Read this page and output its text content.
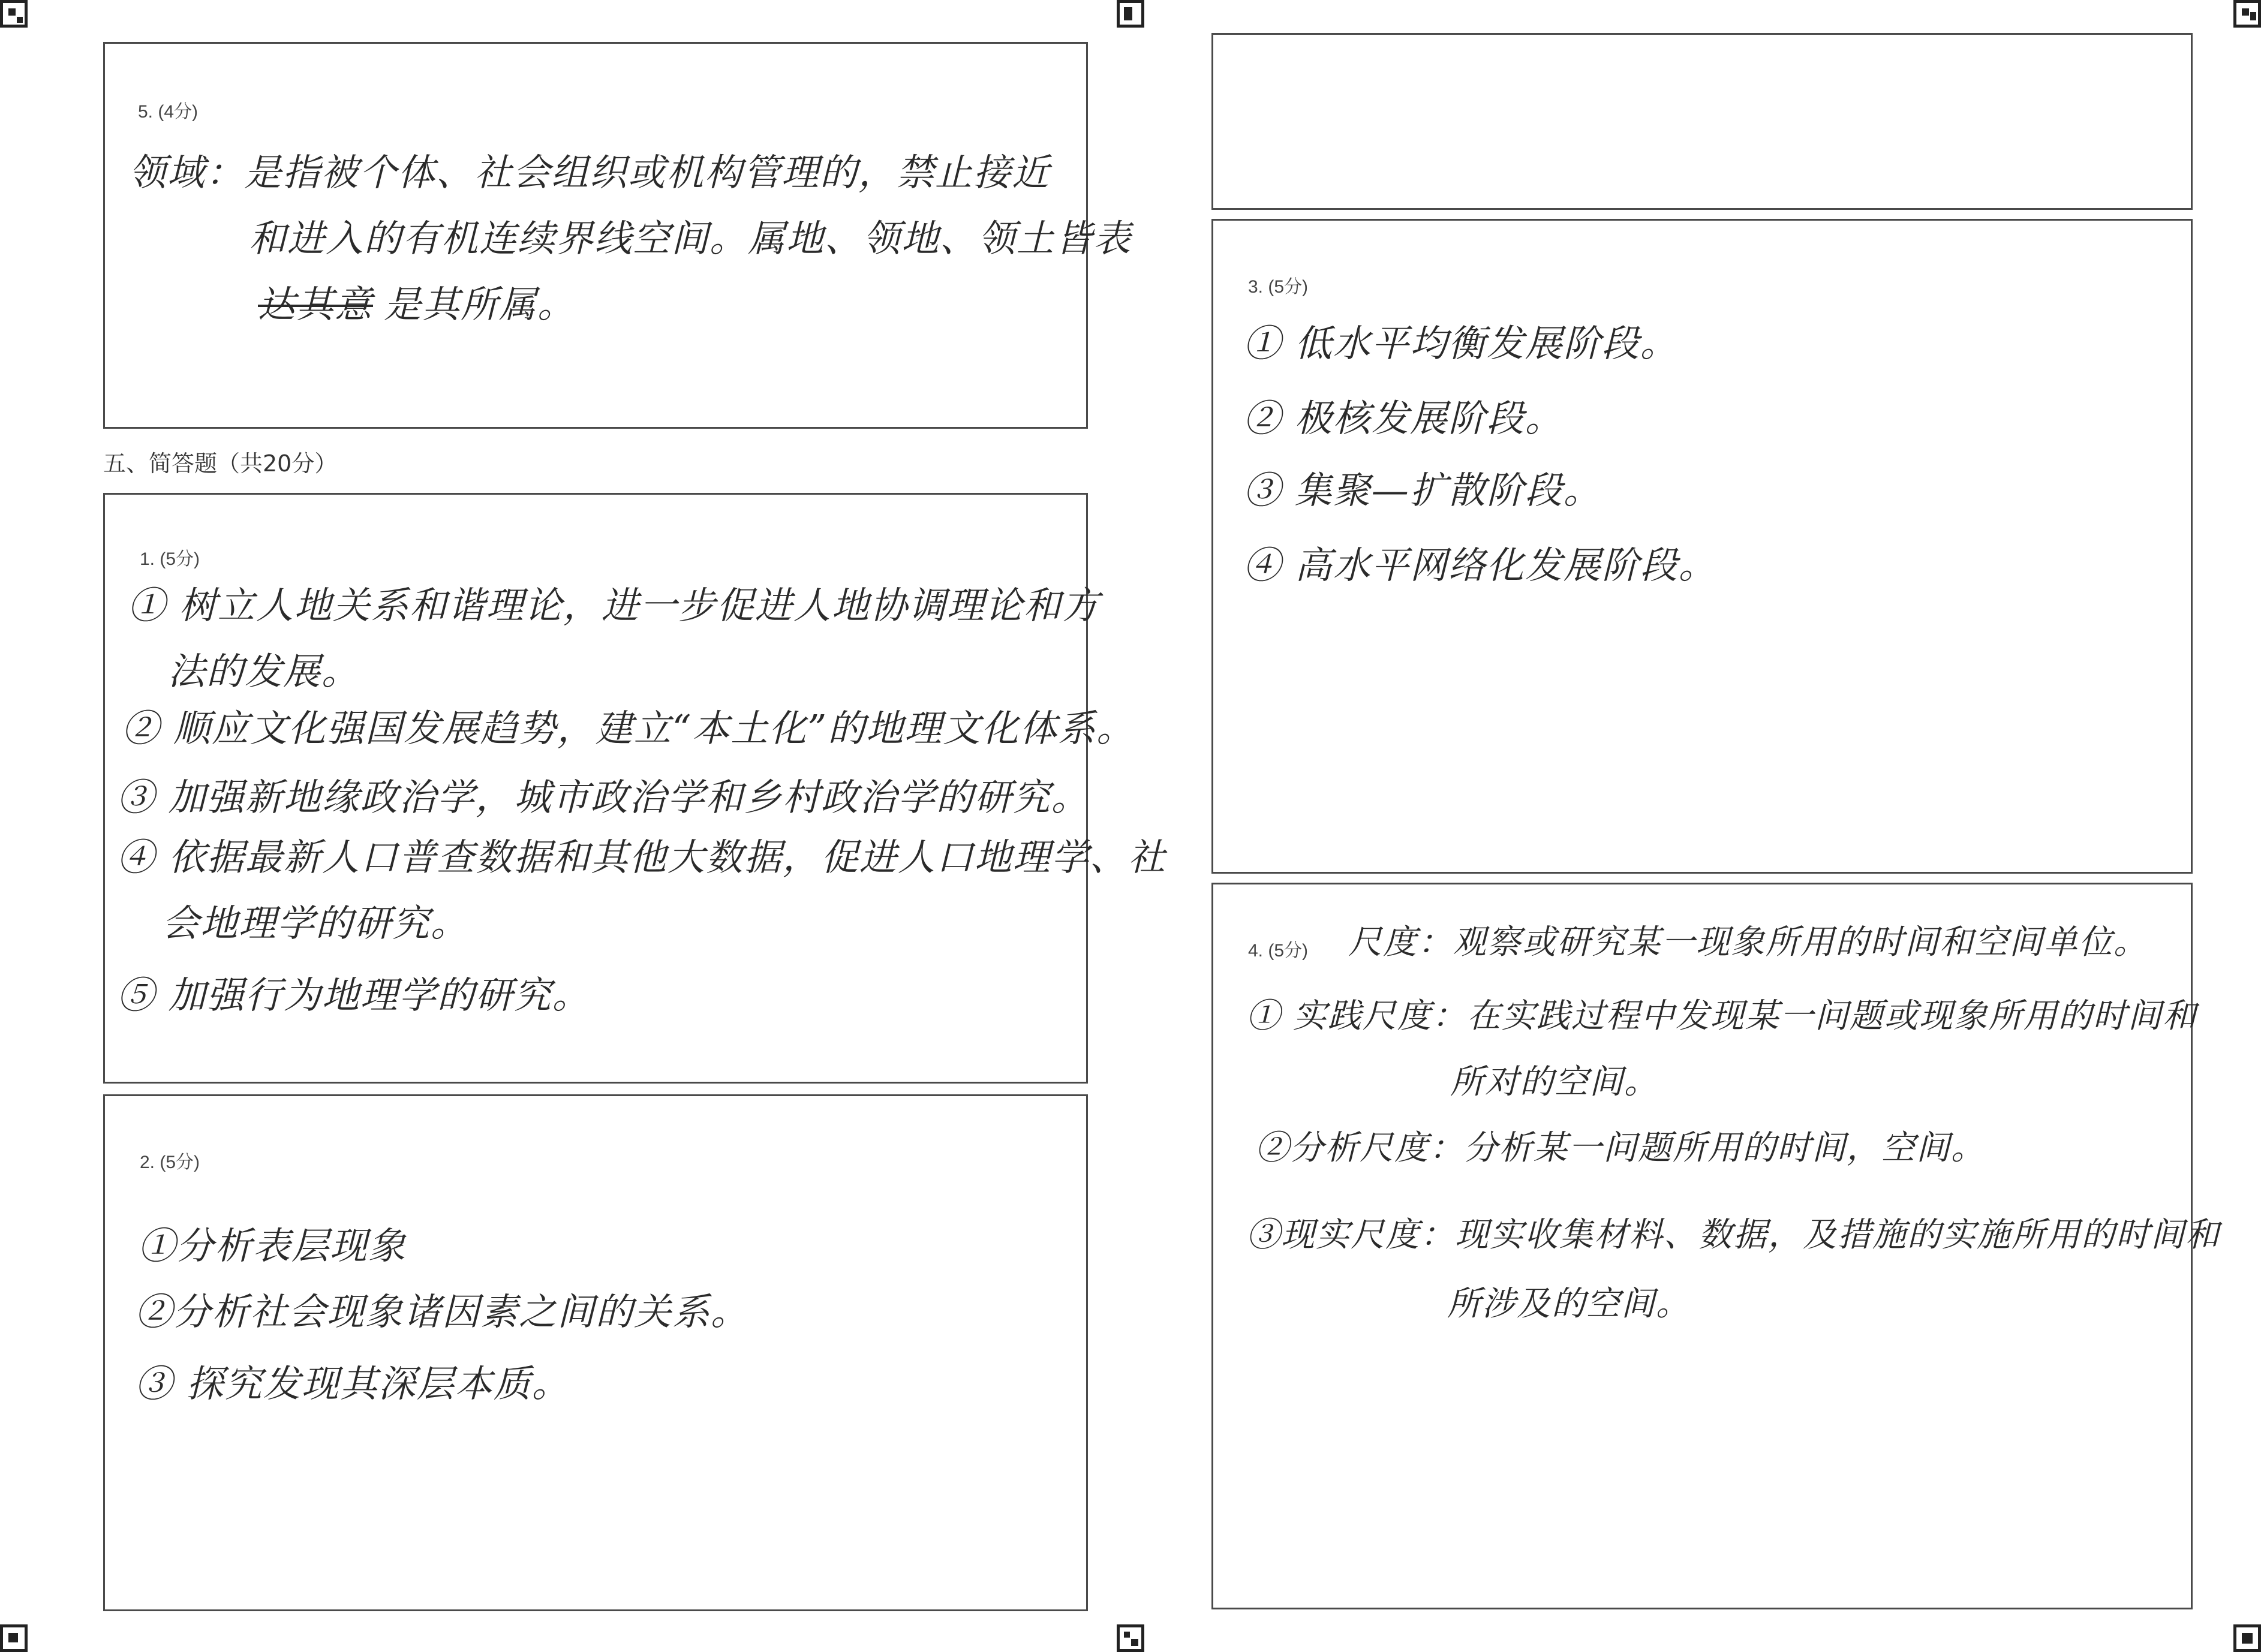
5. (4分)
领域：是指被个体、社会组织或机构管理的，禁止接近
和进入的有机连续界线空间。属地、领地、领土皆表
达其意 是其所属。
五、简答题（共20分）
1. (5分)
① 树立人地关系和谐理论，进一步促进人地协调理论和方
法的发展。
② 顺应文化强国发展趋势，建立“本土化”的地理文化体系。
③ 加强新地缘政治学，城市政治学和乡村政治学的研究。
④ 依据最新人口普查数据和其他大数据，促进人口地理学、社
会地理学的研究。
⑤ 加强行为地理学的研究。
2. (5分)
①分析表层现象
②分析社会现象诸因素之间的关系。
③ 探究发现其深层本质。
3. (5分)
① 低水平均衡发展阶段。
② 极核发展阶段。
③ 集聚—扩散阶段。
④ 高水平网络化发展阶段。
4. (5分) 尺度：观察或研究某一现象所用的时间和空间单位。
① 实践尺度：在实践过程中发现某一问题或现象所用的时间和
所对的空间。
②分析尺度：分析某一问题所用的时间，空间。
③现实尺度：现实收集材料、数据，及措施的实施所用的时间和
所涉及的空间。
